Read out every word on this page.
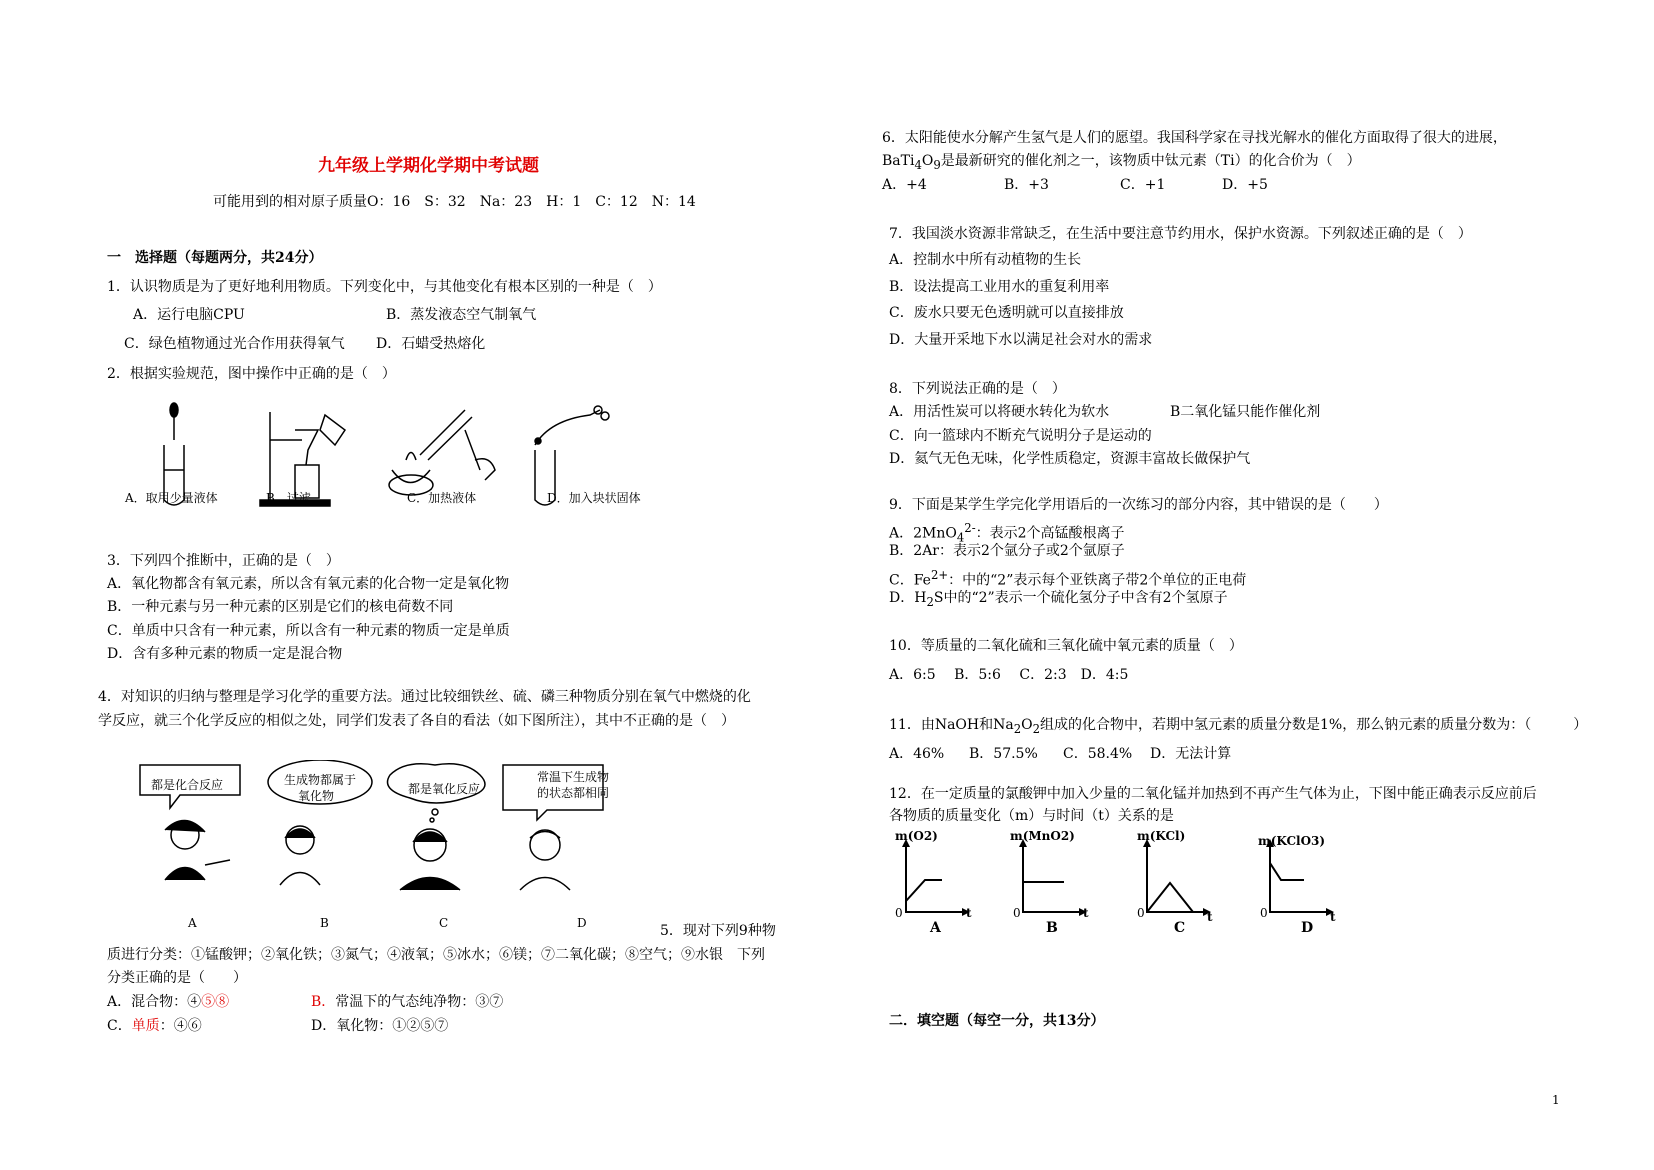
九年级上学期化学期中考试题
可能用到的相对原子质量O：16　S：32　Na：23　H：1　C：12　N：14
一　选择题（每题两分，共24分）
1．认识物质是为了更好地利用物质。下列变化中，与其他变化有根本区别的一种是（　）
A．运行电脑CPU	B．蒸发液态空气制氧气
C．绿色植物通过光合作用获得氧气 D．石蜡受热熔化
2．根据实验规范，图中操作中正确的是（　）
A．取用少量液体	B．过滤	C．加热液体	D．加入块状固体
3．下列四个推断中，正确的是（　）
A．氧化物都含有氧元素，所以含有氧元素的化合物一定是氧化物
B．一种元素与另一种元素的区别是它们的核电荷数不同
C．单质中只含有一种元素，所以含有一种元素的物质一定是单质
D．含有多种元素的物质一定是混合物
4．对知识的归纳与整理是学习化学的重要方法。通过比较细铁丝、硫、磷三种物质分别在氧气中燃烧的化
学反应，就三个化学反应的相似之处，同学们发表了各自的看法（如下图所注），其中不正确的是（　）
都是化合反应	生成物都属于
氧化物	都是氧化反应
常温下生成物
的状态都相同
A	B	C	D	5．现对下列9种物
质进行分类：①锰酸钾；②氧化铁；③氮气；④液氧；⑤冰水；⑥镁；⑦二氧化碳；⑧空气；⑨水银　下列
分类正确的是（　　）
A．混合物：④⑤⑧	B．常温下的气态纯净物：③⑦
C．单质：④⑥	D．氧化物：①②⑤⑦
6．太阳能使水分解产生氢气是人们的愿望。我国科学家在寻找光解水的催化方面取得了很大的进展，
$BaTi_4O_9$是最新研究的催化剂之一，该物质中钛元素（Ti）的化合价为（　）
A．+4	B．+3	C．+1	D．+5
7．我国淡水资源非常缺乏，在生活中要注意节约用水，保护水资源。下列叙述正确的是（　）
A．控制水中所有动植物的生长
B．设法提高工业用水的重复利用率
C．废水只要无色透明就可以直接排放
D．大量开采地下水以满足社会对水的需求
8．下列说法正确的是（　）
A．用活性炭可以将硬水转化为软水	B二氧化锰只能作催化剂
C．向一篮球内不断充气说明分子是运动的
D．氦气无色无味，化学性质稳定，资源丰富故长做保护气
9．下面是某学生学完化学用语后的一次练习的部分内容，其中错误的是（　　）
A．2MnO$_4^{2-}$：表示2个高锰酸根离子
B．2Ar：表示2个氩分子或2个氩原子
C．$Fe^{2+}$：中的“2”表示每个亚铁离子带2个单位的正电荷
D．$H_2S$中的“2”表示一个硫化氢分子中含有2个氢原子
10．等质量的二氧化硫和三氧化硫中氧元素的质量（　）
A．6:5　 B．5:6　 C．2:3　D．4:5
11．由NaOH和$Na_2O_2$组成的化合物中，若期中氢元素的质量分数是1%，那么钠元素的质量分数为：（　　　）
A．46% B．57.5% C．58.4% D．无法计算
12．在一定质量的氯酸钾中加入少量的二氧化锰并加热到不再产生气体为止，下图中能正确表示反应前后
各物质的质量变化（m）与时间（t）关系的是
m(O2)	m(MnO2)	m(KCl)	m(KClO3)
0	0	0	0
t	t	t	t
A	B	C	D
二．填空题（每空一分，共13分）
1
